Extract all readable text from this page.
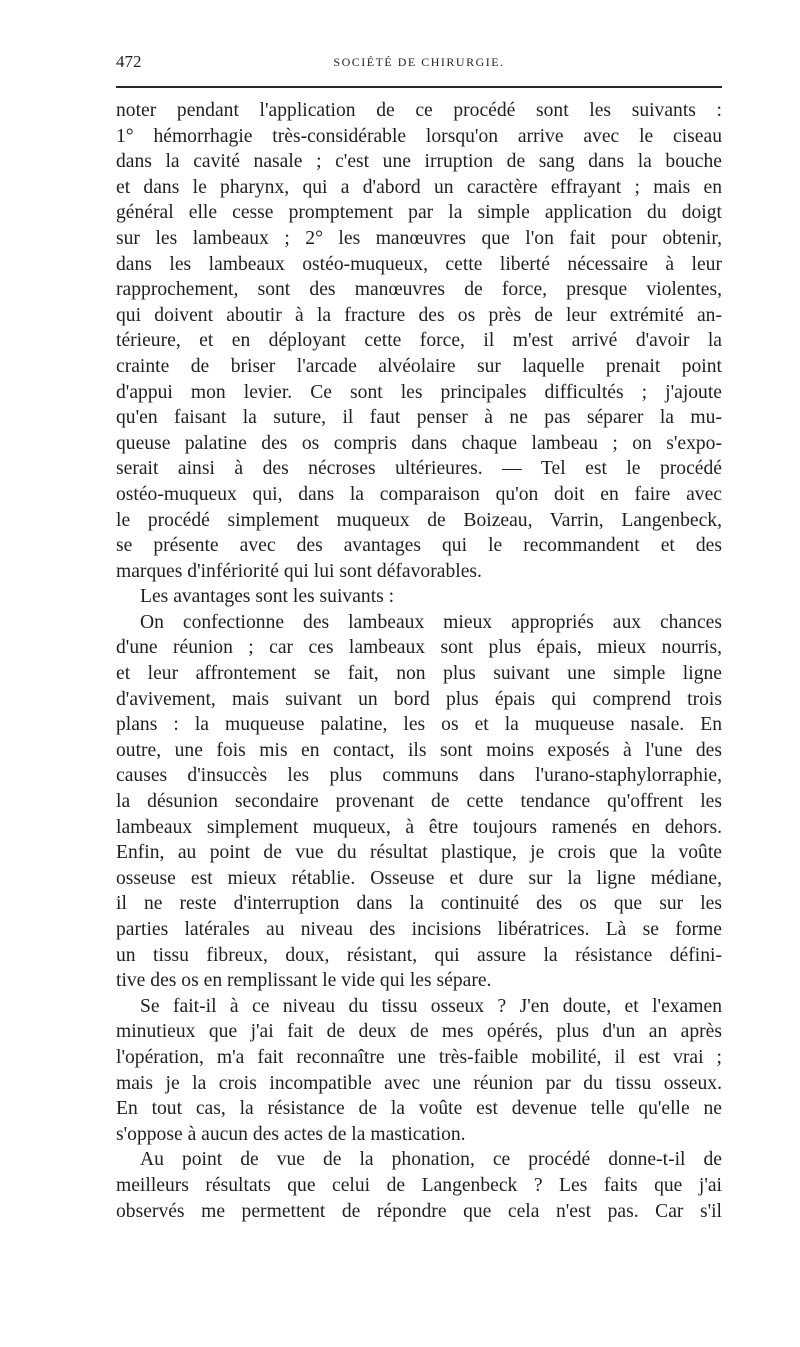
472	SOCIÉTÉ DE CHIRURGIE.

noter pendant l'application de ce procédé sont les suivants :

1° hémorrhagie très-considérable lorsqu'on arrive avec le ciseau

dans la cavité nasale ; c'est une irruption de sang dans la bouche

et dans le pharynx, qui a d'abord un caractère effrayant ; mais en

général elle cesse promptement par la simple application du doigt

sur les lambeaux ; 2° les manœuvres que l'on fait pour obtenir,

dans les lambeaux ostéo-muqueux, cette liberté nécessaire à leur

rapprochement, sont des manœuvres de force, presque violentes,

qui doivent aboutir à la fracture des os près de leur extrémité an-

térieure, et en déployant cette force, il m'est arrivé d'avoir la

crainte de briser l'arcade alvéolaire sur laquelle prenait point

d'appui mon levier. Ce sont les principales difficultés ; j'ajoute

qu'en faisant la suture, il faut penser à ne pas séparer la mu-

queuse palatine des os compris dans chaque lambeau ; on s'expo-

serait ainsi à des nécroses ultérieures. — Tel est le procédé

ostéo-muqueux qui, dans la comparaison qu'on doit en faire avec

le procédé simplement muqueux de Boizeau, Varrin, Langenbeck,

se présente avec des avantages qui le recommandent et des

marques d'infériorité qui lui sont défavorables.

Les avantages sont les suivants :

On confectionne des lambeaux mieux appropriés aux chances

d'une réunion ; car ces lambeaux sont plus épais, mieux nourris,

et leur affrontement se fait, non plus suivant une simple ligne

d'avivement, mais suivant un bord plus épais qui comprend trois

plans : la muqueuse palatine, les os et la muqueuse nasale. En

outre, une fois mis en contact, ils sont moins exposés à l'une des

causes d'insuccès les plus communs dans l'urano-staphylorraphie,

la désunion secondaire provenant de cette tendance qu'offrent les

lambeaux simplement muqueux, à être toujours ramenés en dehors.

Enfin, au point de vue du résultat plastique, je crois que la voûte

osseuse est mieux rétablie. Osseuse et dure sur la ligne médiane,

il ne reste d'interruption dans la continuité des os que sur les

parties latérales au niveau des incisions libératrices. Là se forme

un tissu fibreux, doux, résistant, qui assure la résistance défini-

tive des os en remplissant le vide qui les sépare.

Se fait-il à ce niveau du tissu osseux ? J'en doute, et l'examen

minutieux que j'ai fait de deux de mes opérés, plus d'un an après

l'opération, m'a fait reconnaître une très-faible mobilité, il est vrai ;

mais je la crois incompatible avec une réunion par du tissu osseux.

En tout cas, la résistance de la voûte est devenue telle qu'elle ne

s'oppose à aucun des actes de la mastication.

Au point de vue de la phonation, ce procédé donne-t-il de

meilleurs résultats que celui de Langenbeck ? Les faits que j'ai

observés me permettent de répondre que cela n'est pas. Car s'il
